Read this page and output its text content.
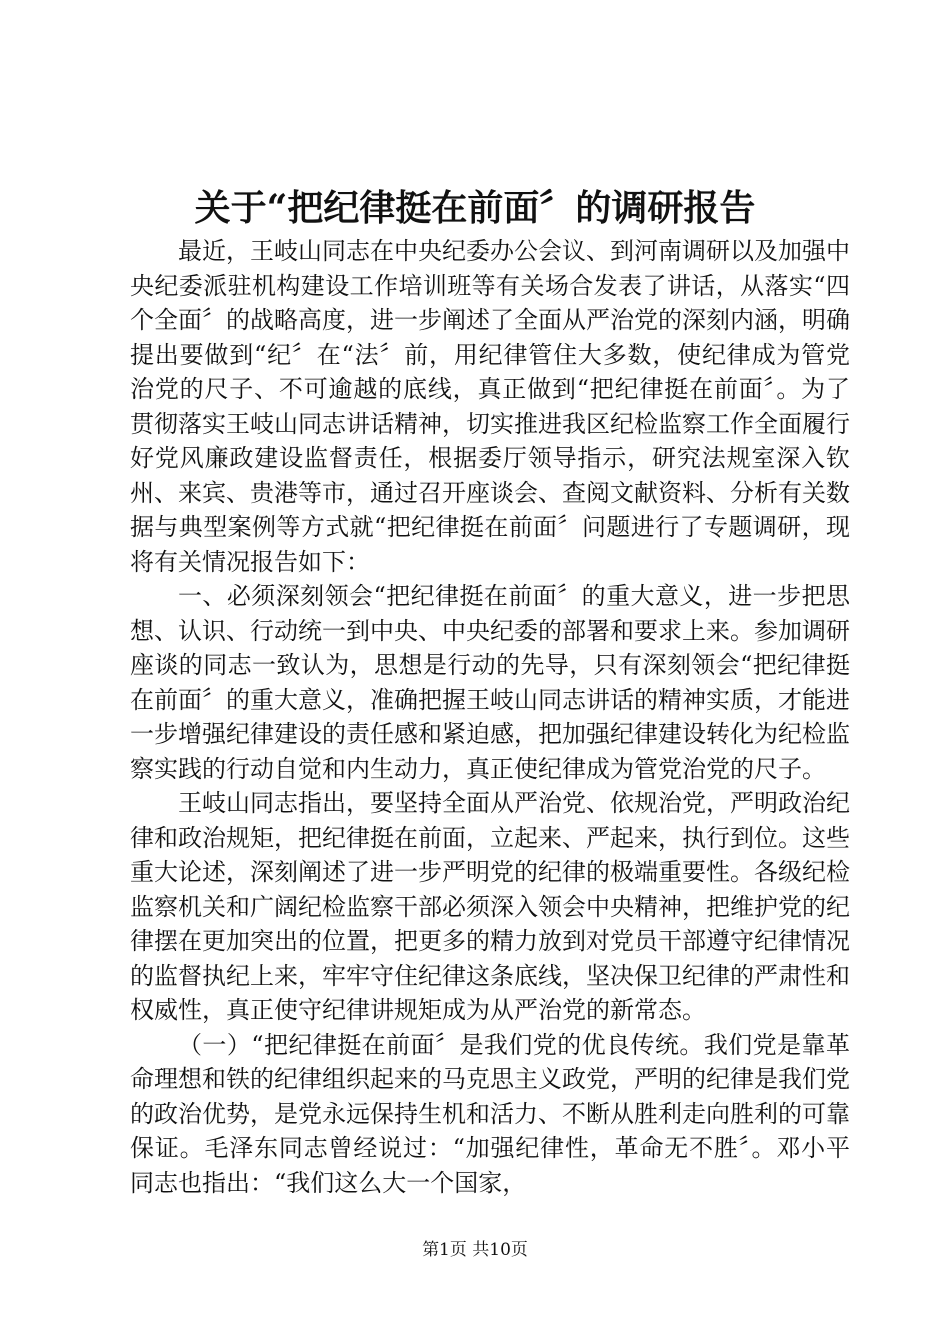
关于“把纪律挺在前面〞的调研报告

最近，王岐山同志在中央纪委办公会议、到河南调研以及加强中央纪委派驻机构建设工作培训班等有关场合发表了讲话，从落实“四个全面〞的战略高度，进一步阐述了全面从严治党的深刻内涵，明确提出要做到“纪〞在“法〞前，用纪律管住大多数，使纪律成为管党治党的尺子、不可逾越的底线，真正做到“把纪律挺在前面〞。为了贯彻落实王岐山同志讲话精神，切实推进我区纪检监察工作全面履行好党风廉政建设监督责任，根据委厅领导指示，研究法规室深入钦州、来宾、贵港等市，通过召开座谈会、查阅文献资料、分析有关数据与典型案例等方式就“把纪律挺在前面〞问题进行了专题调研，现将有关情况报告如下：

一、必须深刻领会“把纪律挺在前面〞的重大意义，进一步把思想、认识、行动统一到中央、中央纪委的部署和要求上来。参加调研座谈的同志一致认为，思想是行动的先导，只有深刻领会“把纪律挺在前面〞的重大意义，准确把握王岐山同志讲话的精神实质，才能进一步增强纪律建设的责任感和紧迫感，把加强纪律建设转化为纪检监察实践的行动自觉和内生动力，真正使纪律成为管党治党的尺子。

王岐山同志指出，要坚持全面从严治党、依规治党，严明政治纪律和政治规矩，把纪律挺在前面，立起来、严起来，执行到位。这些重大论述，深刻阐述了进一步严明党的纪律的极端重要性。各级纪检监察机关和广阔纪检监察干部必须深入领会中央精神，把维护党的纪律摆在更加突出的位置，把更多的精力放到对党员干部遵守纪律情况的监督执纪上来，牢牢守住纪律这条底线，坚决保卫纪律的严肃性和权威性，真正使守纪律讲规矩成为从严治党的新常态。

（一）“把纪律挺在前面〞是我们党的优良传统。我们党是靠革命理想和铁的纪律组织起来的马克思主义政党，严明的纪律是我们党的政治优势，是党永远保持生机和活力、不断从胜利走向胜利的可靠保证。毛泽东同志曾经说过：“加强纪律性，革命无不胜〞。邓小平同志也指出：“我们这么大一个国家，

第1页 共10页
